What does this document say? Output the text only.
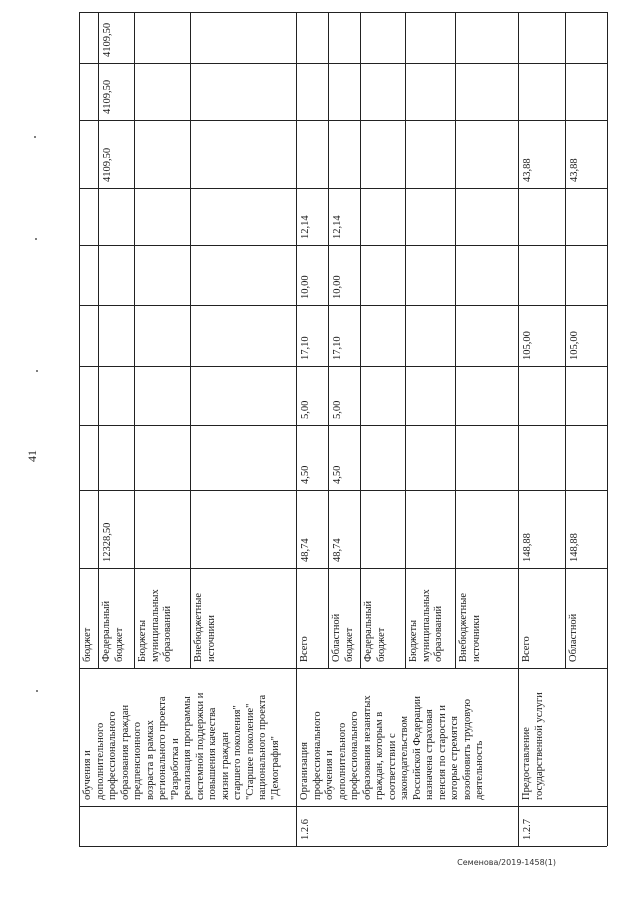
41
обучения и
дополнительного
профессионального
образования граждан
предпенсионного
возраста в рамках
регионального проекта
"Разработка и
реализация программы
системной поддержки и
повышения качества
жизни граждан
старшего поколения"
"Старшее поколение"
национального проекта
"Демография"
бюджет Федеральный
бюджет
12328,50
4109,50
4109,50
4109,50
Бюджеты
муниципальных
образований Внебюджетные
источники
1.2.6
Организация
профессионального
обучения и
дополнительного
профессионального
образования незанятых
граждан, которым в
соответствии с
законодательством
Российской Федерации
назначена страховая
пенсия по старости и
которые стремятся
возобновить трудовую
деятельность
Всего
48,74
4,50
5,00
17,10
10,00
12,14
Областной
бюджет
48,74
4,50
5,00
17,10
10,00
12,14
Федеральный
бюджет Бюджеты
муниципальных
образований Внебюджетные
источники
1.2.7
Предоставление
государственной услуги
Всего
148,88
105,00
43,88
Областной
148,88
105,00
43,88
Семенова/2019-1458(1)
